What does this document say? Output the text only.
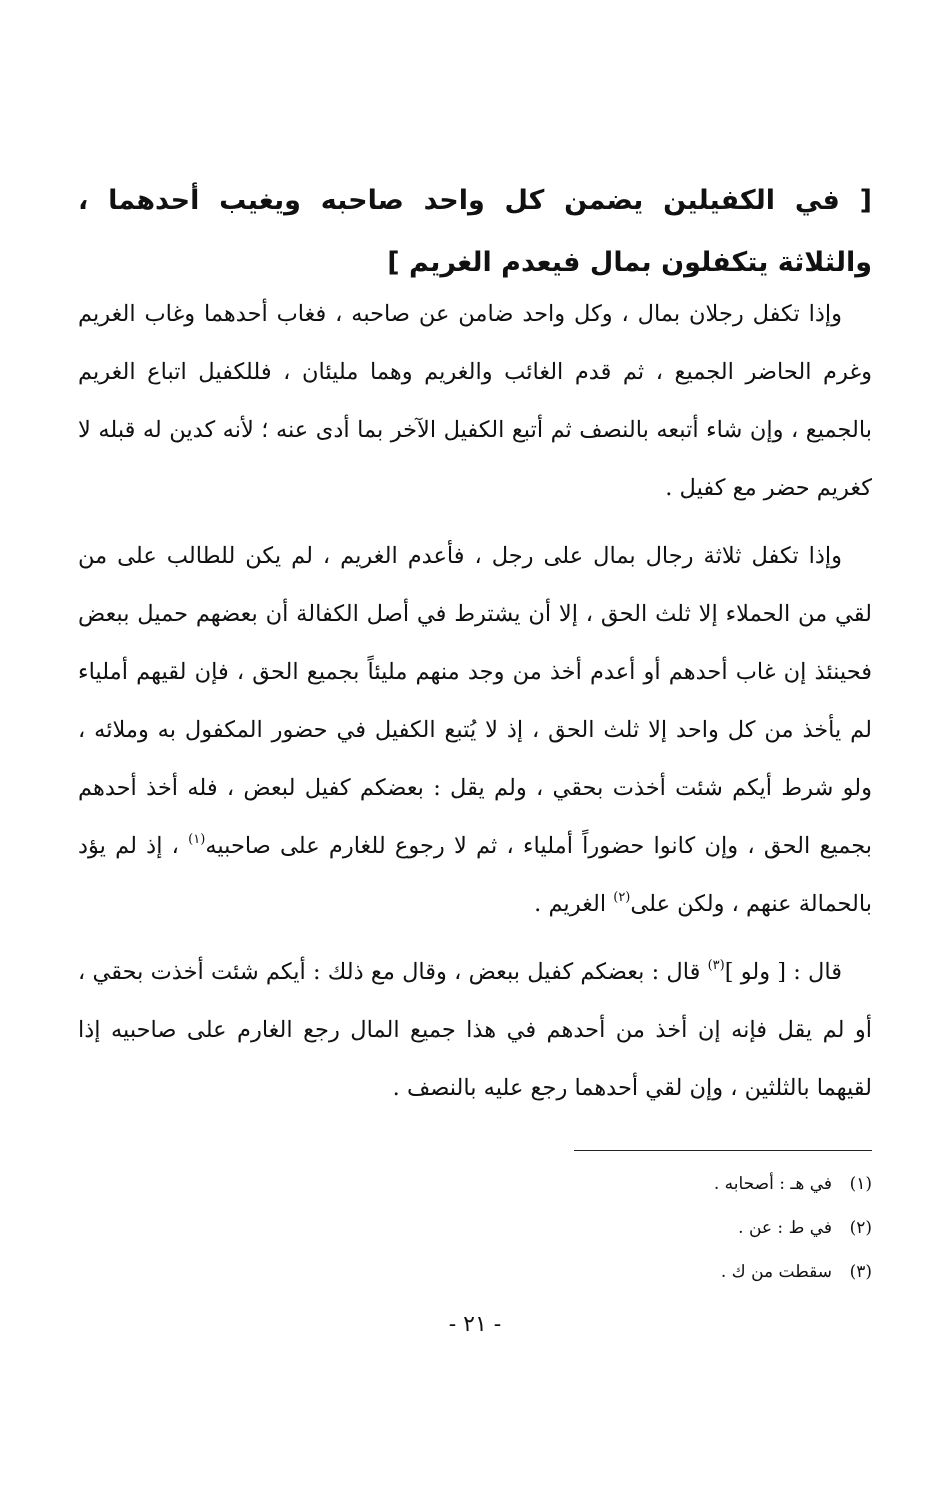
[ في الكفيلين يضمن كل واحد صاحبه ويغيب أحدهما ، والثلاثة يتكفلون بمال فيعدم الغريم ]

وإذا تكفل رجلان بمال ، وكل واحد ضامن عن صاحبه ، فغاب أحدهما وغاب الغريم وغرم الحاضر الجميع ، ثم قدم الغائب والغريم وهما مليئان ، فللكفيل اتباع الغريم بالجميع ، وإن شاء أتبعه بالنصف ثم أتبع الكفيل الآخر بما أدى عنه ؛ لأنه كدين له قبله لا كغريم حضر مع كفيل .

وإذا تكفل ثلاثة رجال بمال على رجل ، فأعدم الغريم ، لم يكن للطالب على من لقي من الحملاء إلا ثلث الحق ، إلا أن يشترط في أصل الكفالة أن بعضهم حميل ببعض فحينئذ إن غاب أحدهم أو أعدم أخذ من وجد منهم مليئاً بجميع الحق ، فإن لقيهم أملياء لم يأخذ من كل واحد إلا ثلث الحق ، إذ لا يُتبع الكفيل في حضور المكفول به وملائه ، ولو شرط أيكم شئت أخذت بحقي ، ولم يقل : بعضكم كفيل لبعض ، فله أخذ أحدهم بجميع الحق ، وإن كانوا حضوراً أملياء ، ثم لا رجوع للغارم على صاحبيه$^{(١)}$ ، إذ لم يؤد بالحمالة عنهم ، ولكن على$^{(٢)}$ الغريم .

قال : [ ولو ]$^{(٣)}$ قال : بعضكم كفيل ببعض ، وقال مع ذلك : أيكم شئت أخذت بحقي ، أو لم يقل فإنه إن أخذ من أحدهم في هذا جميع المال رجع الغارم على صاحبيه إذا لقيهما بالثلثين ، وإن لقي أحدهما رجع عليه بالنصف .

(١)
في هـ : أصحابه .
(٢)
في ط : عن .
(٣)
سقطت من ك .
- ٢١ -
